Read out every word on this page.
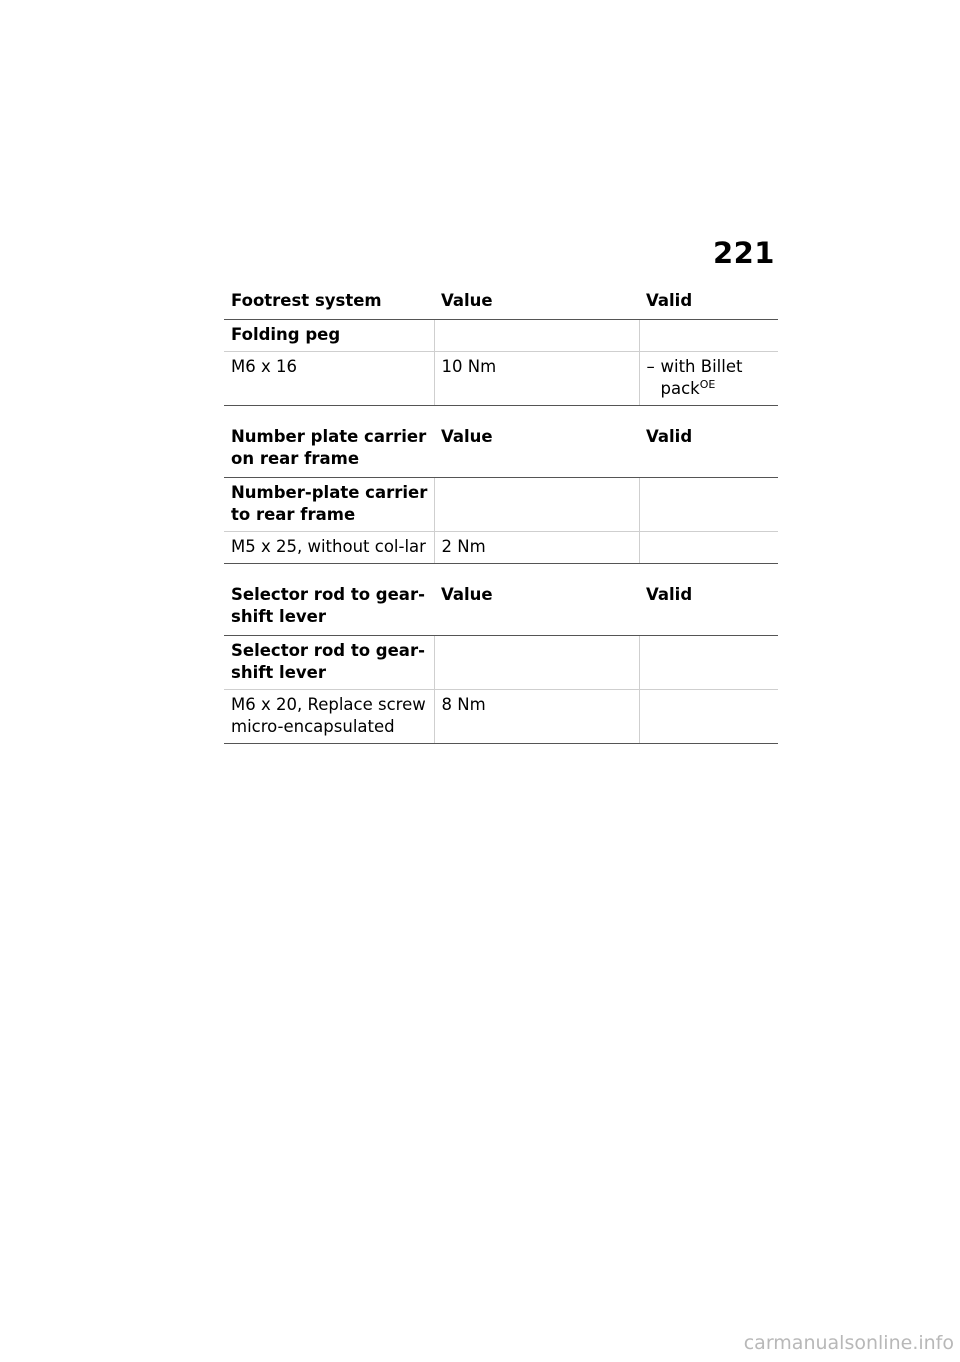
221
Footrest system	Value	Valid
Folding peg		
M6 x 16	10 Nm	– with Billet pack$^{OE}$
Number plate carrier on rear frame	Value	Valid
Number-plate carrier to rear frame		
M5 x 25, without col-lar	2 Nm	
Selector rod to gear-shift lever	Value	Valid
Selector rod to gear-shift lever		
M6 x 20, Replace screw micro-encapsulated	8 Nm	
carmanualsonline.info
